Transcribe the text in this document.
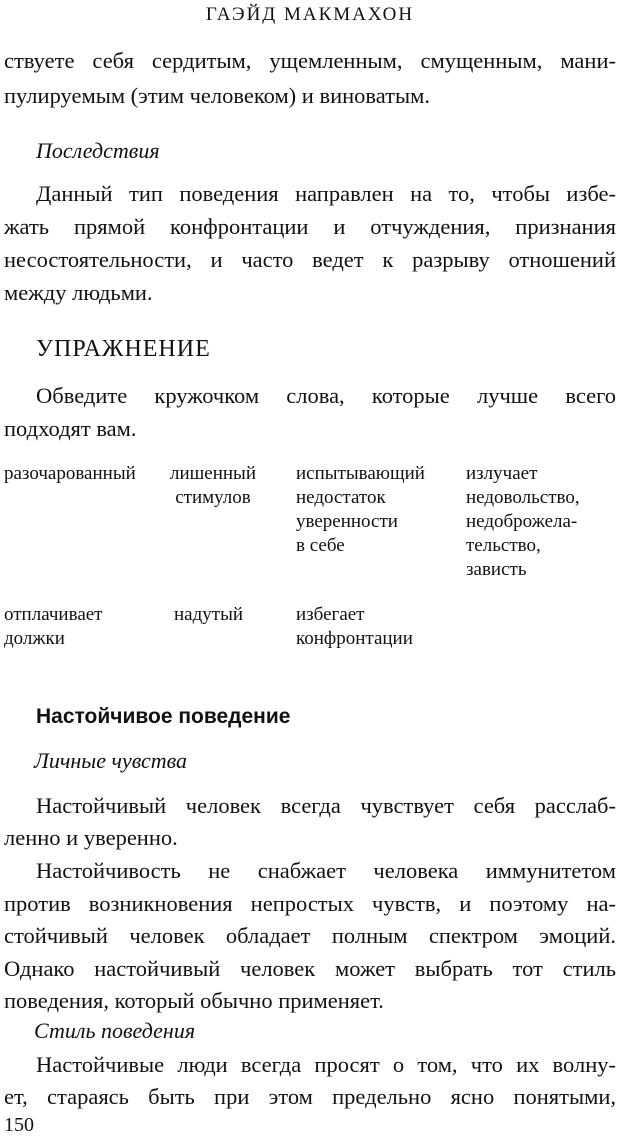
ГАЭЙД МАКМАХОН
ствуете себя сердитым, ущемленным, смущенным, мани-
пулируемым (этим человеком) и виноватым.
Последствия
Данный тип поведения направлен на то, чтобы избе-
жать прямой конфронтации и отчуждения, признания
несостоятельности, и часто ведет к разрыву отношений
между людьми.
УПРАЖНЕНИЕ
Обведите кружочком слова, которые лучше всего
подходят вам.
разочарованный лишенный
стимулов
испытывающий
недостаток
уверенности
в себе
излучает
недовольство,
недоброжела-
тельство,
зависть
отплачивает
должки
надутый	избегает
конфронтации
Настойчивое поведение
Личные чувства
Настойчивый человек всегда чувствует себя расслаб-
ленно и уверенно.
Настойчивость не снабжает человека иммунитетом
против возникновения непростых чувств, и поэтому на-
стойчивый человек обладает полным спектром эмоций.
Однако настойчивый человек может выбрать тот стиль
поведения, который обычно применяет.
Стиль поведения
Настойчивые люди всегда просят о том, что их волну-
ет, стараясь быть при этом предельно ясно понятыми,
150
